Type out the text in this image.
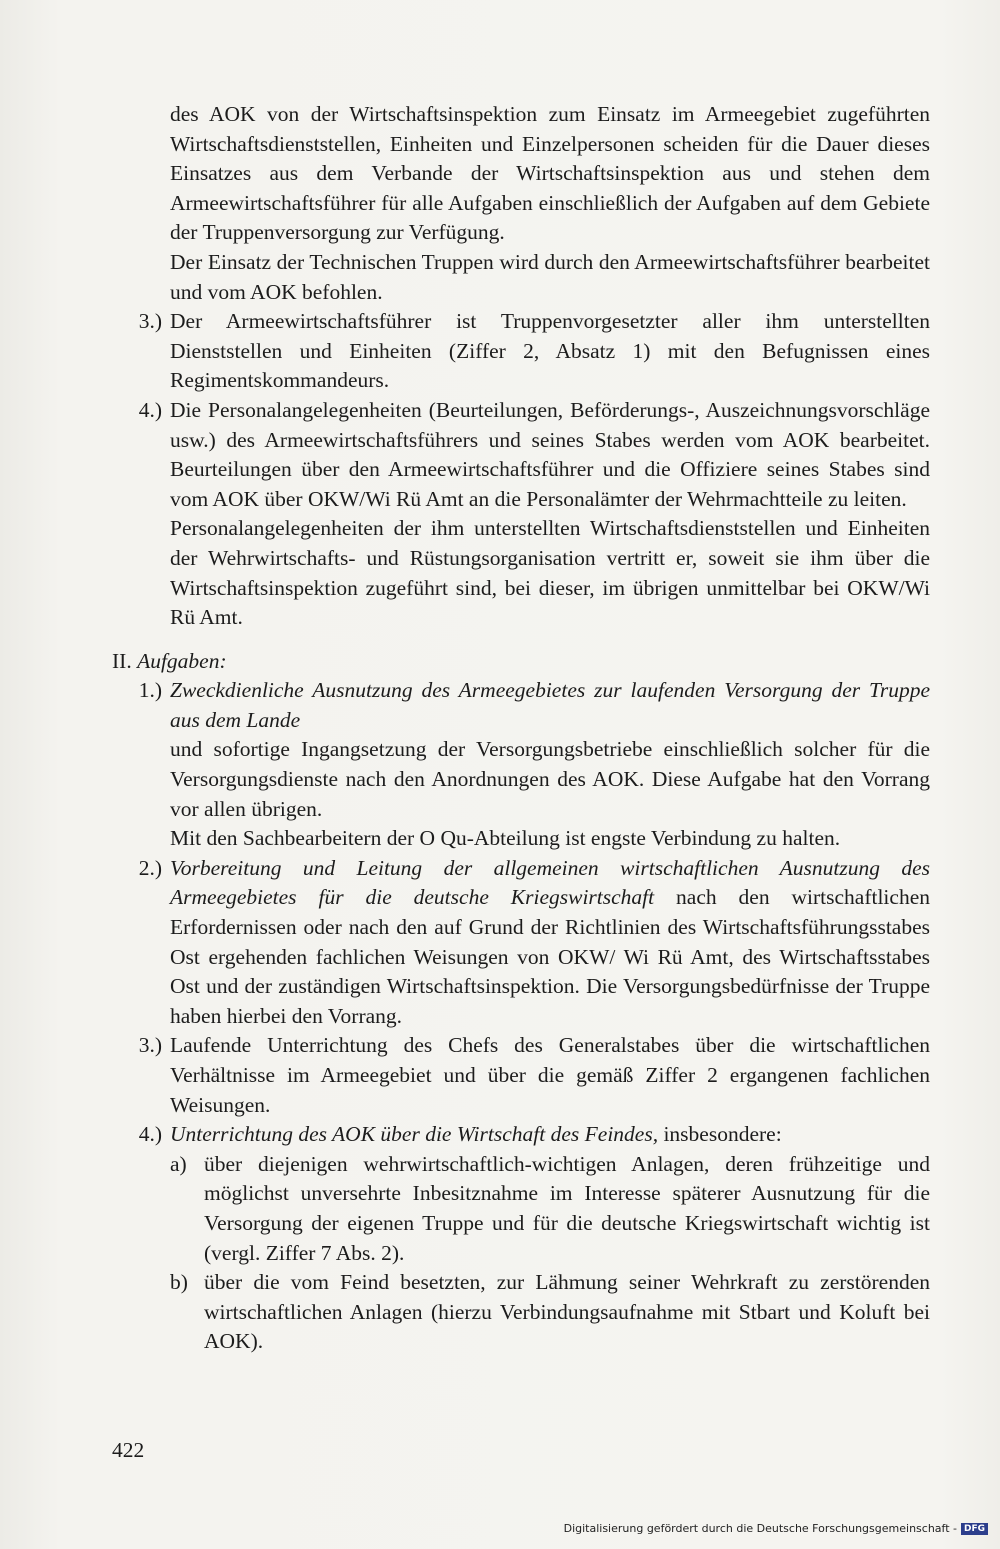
des AOK von der Wirtschaftsinspektion zum Einsatz im Armeegebiet zugeführten Wirtschaftsdienststellen, Einheiten und Einzelpersonen scheiden für die Dauer dieses Einsatzes aus dem Verbande der Wirtschaftsinspektion aus und stehen dem Armeewirtschaftsführer für alle Aufgaben einschließlich der Aufgaben auf dem Gebiete der Truppenversorgung zur Verfügung.
Der Einsatz der Technischen Truppen wird durch den Armeewirtschaftsführer bearbeitet und vom AOK befohlen.
3.) Der Armeewirtschaftsführer ist Truppenvorgesetzter aller ihm unterstellten Dienststellen und Einheiten (Ziffer 2, Absatz 1) mit den Befugnissen eines Regimentskommandeurs.
4.) Die Personalangelegenheiten (Beurteilungen, Beförderungs-, Auszeichnungsvorschläge usw.) des Armeewirtschaftsführers und seines Stabes werden vom AOK bearbeitet. Beurteilungen über den Armeewirtschaftsführer und die Offiziere seines Stabes sind vom AOK über OKW/Wi Rü Amt an die Personalämter der Wehrmachtteile zu leiten.
Personalangelegenheiten der ihm unterstellten Wirtschaftsdienststellen und Einheiten der Wehrwirtschafts- und Rüstungsorganisation vertritt er, soweit sie ihm über die Wirtschaftsinspektion zugeführt sind, bei dieser, im übrigen unmittelbar bei OKW/Wi Rü Amt.
II. Aufgaben:
1.) Zweckdienliche Ausnutzung des Armeegebietes zur laufenden Versorgung der Truppe aus dem Lande
und sofortige Ingangsetzung der Versorgungsbetriebe einschließlich solcher für die Versorgungsdienste nach den Anordnungen des AOK. Diese Aufgabe hat den Vorrang vor allen übrigen.
Mit den Sachbearbeitern der O Qu-Abteilung ist engste Verbindung zu halten.
2.) Vorbereitung und Leitung der allgemeinen wirtschaftlichen Ausnutzung des Armeegebietes für die deutsche Kriegswirtschaft nach den wirtschaftlichen Erfordernissen oder nach den auf Grund der Richtlinien des Wirtschaftsführungsstabes Ost ergehenden fachlichen Weisungen von OKW/ Wi Rü Amt, des Wirtschaftsstabes Ost und der zuständigen Wirtschaftsinspektion. Die Versorgungsbedürfnisse der Truppe haben hierbei den Vorrang.
3.) Laufende Unterrichtung des Chefs des Generalstabes über die wirtschaftlichen Verhältnisse im Armeegebiet und über die gemäß Ziffer 2 ergangenen fachlichen Weisungen.
4.) Unterrichtung des AOK über die Wirtschaft des Feindes, insbesondere:
a) über diejenigen wehrwirtschaftlich-wichtigen Anlagen, deren frühzeitige und möglichst unversehrte Inbesitznahme im Interesse späterer Ausnutzung für die Versorgung der eigenen Truppe und für die deutsche Kriegswirtschaft wichtig ist (vergl. Ziffer 7 Abs. 2).
b) über die vom Feind besetzten, zur Lähmung seiner Wehrkraft zu zerstörenden wirtschaftlichen Anlagen (hierzu Verbindungsaufnahme mit Stbart und Koluft bei AOK).
422
Digitalisierung gefördert durch die Deutsche Forschungsgemeinschaft - DFG
